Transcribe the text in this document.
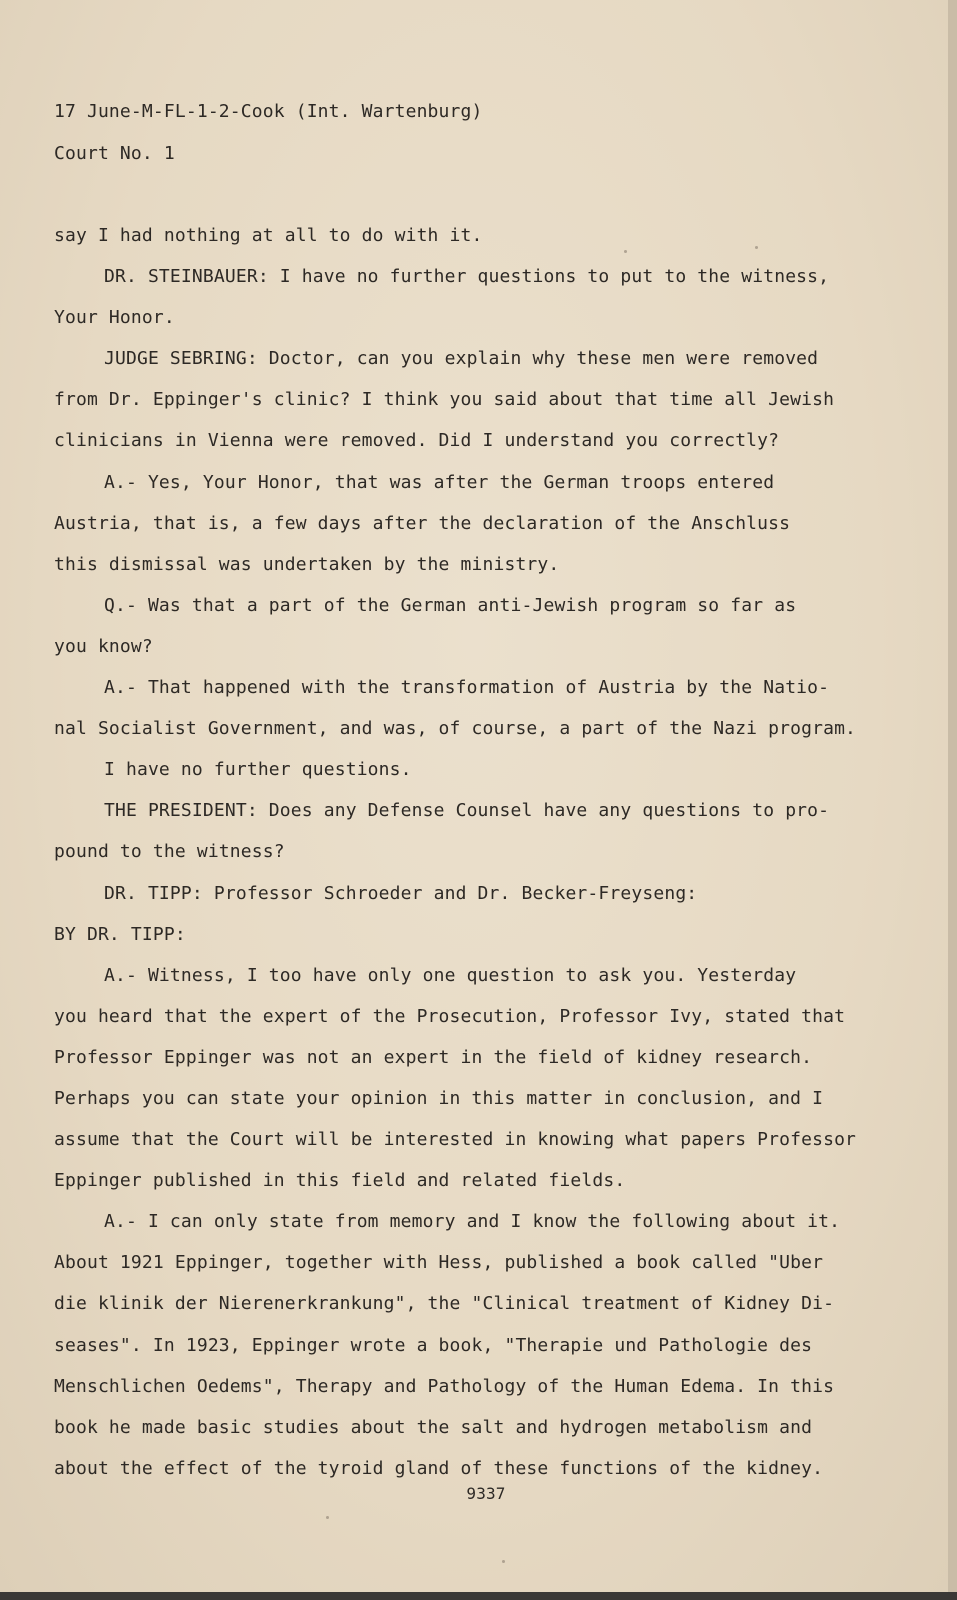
17 June-M-FL-1-2-Cook (Int. Wartenburg)
Court No. 1
say I had nothing at all to do with it.
DR. STEINBAUER: I have no further questions to put to the witness,
Your Honor.
JUDGE SEBRING: Doctor, can you explain why these men were removed
from Dr. Eppinger's clinic? I think you said about that time all Jewish
clinicians in Vienna were removed. Did I understand you correctly?
A.- Yes, Your Honor, that was after the German troops entered
Austria, that is, a few days after the declaration of the Anschluss
this dismissal was undertaken by the ministry.
Q.- Was that a part of the German anti-Jewish program so far as
you know?
A.- That happened with the transformation of Austria by the Natio-
nal Socialist Government, and was, of course, a part of the Nazi program.
I have no further questions.
THE PRESIDENT: Does any Defense Counsel have any questions to pro-
pound to the witness?
DR. TIPP: Professor Schroeder and Dr. Becker-Freyseng:
BY DR. TIPP:
A.- Witness, I too have only one question to ask you. Yesterday
you heard that the expert of the Prosecution, Professor Ivy, stated that
Professor Eppinger was not an expert in the field of kidney research.
Perhaps you can state your opinion in this matter in conclusion, and I
assume that the Court will be interested in knowing what papers Professor
Eppinger published in this field and related fields.
A.- I can only state from memory and I know the following about it.
About 1921 Eppinger, together with Hess, published a book called "Uber
die klinik der Nierenerkrankung", the "Clinical treatment of Kidney Di-
seases". In 1923, Eppinger wrote a book, "Therapie und Pathologie des
Menschlichen Oedems", Therapy and Pathology of the Human Edema. In this
book he made basic studies about the salt and hydrogen metabolism and
about the effect of the tyroid gland of these functions of the kidney.
9337
